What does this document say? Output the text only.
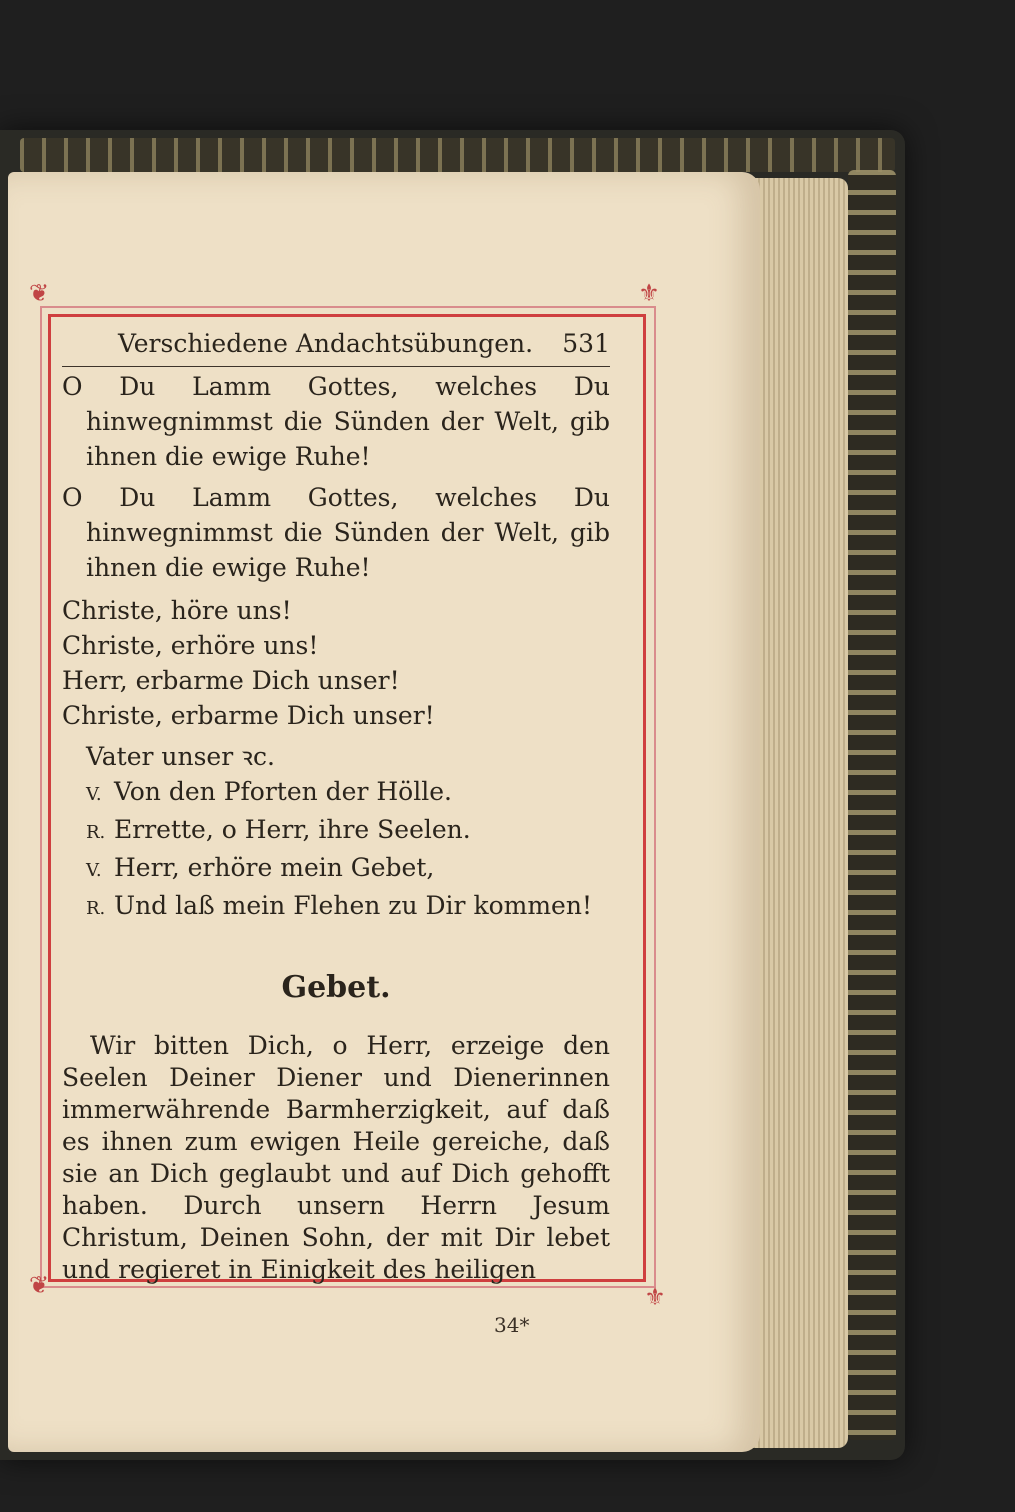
❦	⚜
❦	⚜
Verschiedene Andachtsübungen. 531

O Du Lamm Gottes, welches Du hinwegnimmst die Sünden der Welt, gib ihnen die ewige Ruhe!

O Du Lamm Gottes, welches Du hinwegnimmst die Sünden der Welt, gib ihnen die ewige Ruhe!

Christe, höre uns!
Christe, erhöre uns!
Herr, erbarme Dich unser!
Christe, erbarme Dich unser!
Vater unser ꝛc.
V. Von den Pforten der Hölle.
R. Errette, o Herr, ihre Seelen.
V. Herr, erhöre mein Gebet,
R. Und laß mein Flehen zu Dir kommen!
Gebet.

Wir bitten Dich, o Herr, erzeige den Seelen Deiner Diener und Dienerinnen immerwährende Barmherzigkeit, auf daß es ihnen zum ewigen Heile gereiche, daß sie an Dich geglaubt und auf Dich gehofft haben. Durch unsern Herrn Jesum Christum, Deinen Sohn, der mit Dir lebet und regieret in Einigkeit des heiligen

34*
